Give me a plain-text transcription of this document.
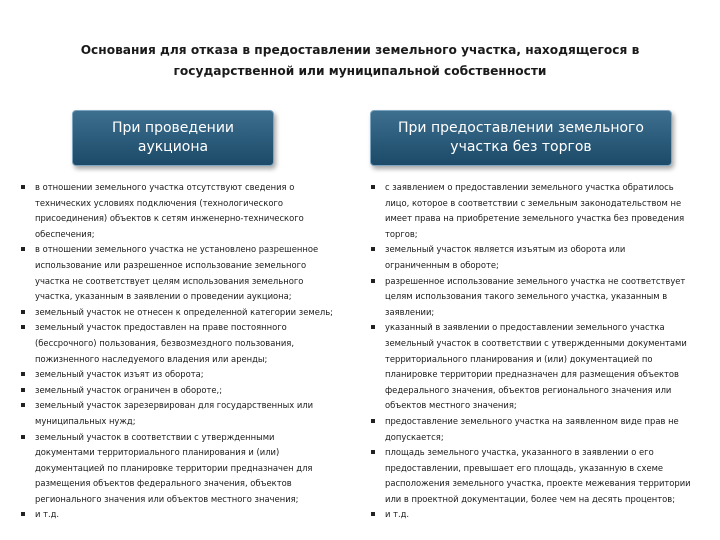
Основания для отказа в предоставлении земельного участка, находящегося в
государственной или муниципальной собственности
При проведении
аукциона
При предоставлении земельного
участка без торгов
в отношении земельного участка отсутствуют сведения о технических условиях подключения (технологического присоединения) объектов к сетям инженерно-технического обеспечения;
в отношении земельного участка не установлено разрешенное использование или разрешенное использование земельного участка не соответствует целям использования земельного участка, указанным в заявлении о проведении аукциона;
земельный участок не отнесен к определенной категории земель;
земельный участок предоставлен на праве постоянного (бессрочного) пользования, безвозмездного пользования, пожизненного наследуемого владения или аренды;
земельный участок изъят из оборота;
земельный участок ограничен в обороте,;
земельный участок зарезервирован для государственных или муниципальных нужд;
земельный участок в соответствии с утвержденными документами территориального планирования и (или) документацией по планировке территории предназначен для размещения объектов федерального значения, объектов регионального значения или объектов местного значения;
и т.д.
с заявлением о предоставлении земельного участка обратилось лицо, которое в соответствии с земельным законодательством не имеет права на приобретение земельного участка без проведения торгов;
земельный участок является изъятым из оборота или ограниченным в обороте;
разрешенное использование земельного участка не соответствует целям использования такого земельного участка, указанным в заявлении;
указанный в заявлении о предоставлении земельного участка земельный участок в соответствии с утвержденными документами территориального планирования и (или) документацией по планировке территории предназначен для размещения объектов федерального значения, объектов регионального значения или объектов местного значения;
предоставление земельного участка на заявленном виде прав не допускается;
площадь земельного участка, указанного в заявлении о его предоставлении, превышает его площадь, указанную в схеме расположения земельного участка, проекте межевания территории или в проектной документации, более чем на десять процентов;
и т.д.
